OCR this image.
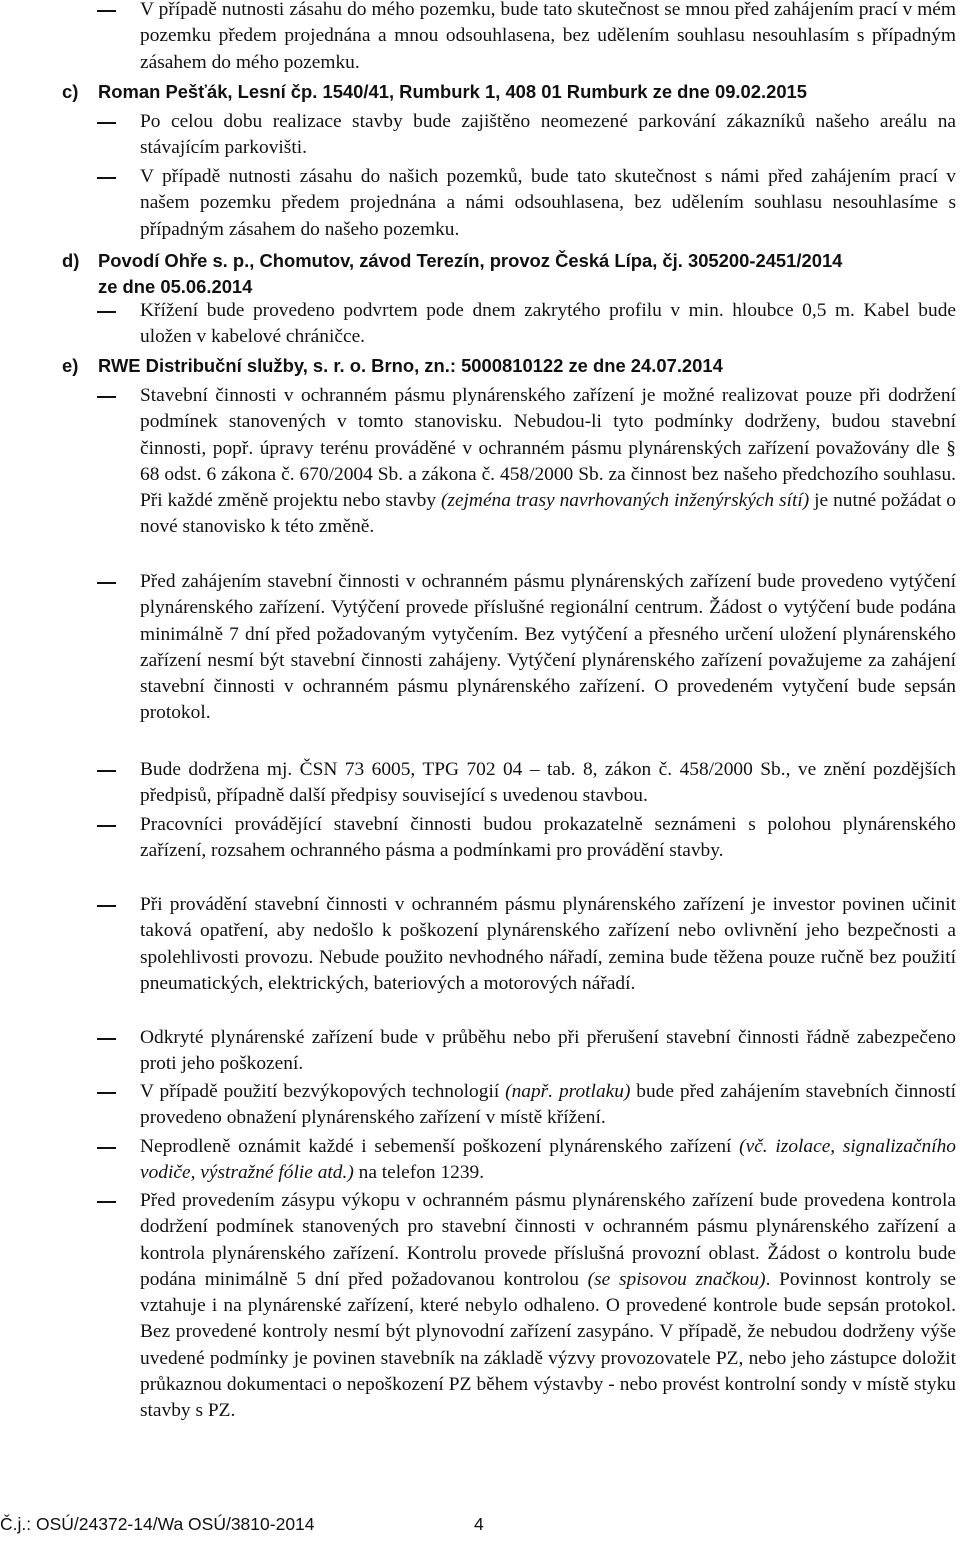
V případě nutnosti zásahu do mého pozemku, bude tato skutečnost se mnou před zahájením prací v mém pozemku předem projednána a mnou odsouhlasena, bez udělením souhlasu nesouhlasím s případným zásahem do mého pozemku.
c) Roman Pešťák, Lesní čp. 1540/41, Rumburk 1, 408 01 Rumburk ze dne 09.02.2015
Po celou dobu realizace stavby bude zajištěno neomezené parkování zákazníků našeho areálu na stávajícím parkovišti.
V případě nutnosti zásahu do našich pozemků, bude tato skutečnost s námi před zahájením prací v našem pozemku předem projednána a námi odsouhlasena, bez udělením souhlasu nesouhlasíme s případným zásahem do našeho pozemku.
d) Povodí Ohře s. p., Chomutov, závod Terezín, provoz Česká Lípa, čj. 305200-2451/2014
ze dne 05.06.2014
Křížení bude provedeno podvrtem pode dnem zakrytého profilu v min. hloubce 0,5 m. Kabel bude uložen v kabelové chráničce.
e) RWE Distribuční služby, s. r. o. Brno, zn.: 5000810122 ze dne 24.07.2014
Stavební činnosti v ochranném pásmu plynárenského zařízení je možné realizovat pouze při dodržení podmínek stanovených v tomto stanovisku. Nebudou-li tyto podmínky dodrženy, budou stavební činnosti, popř. úpravy terénu prováděné v ochranném pásmu plynárenských zařízení považovány dle § 68 odst. 6 zákona č. 670/2004 Sb. a zákona č. 458/2000 Sb. za činnost bez našeho předchozího souhlasu. Při každé změně projektu nebo stavby (zejména trasy navrhovaných inženýrských sítí) je nutné požádat o nové stanovisko k této změně.
Před zahájením stavební činnosti v ochranném pásmu plynárenských zařízení bude provedeno vytýčení plynárenského zařízení. Vytýčení provede příslušné regionální centrum. Žádost o vytýčení bude podána minimálně 7 dní před požadovaným vytyčením. Bez vytýčení a přesného určení uložení plynárenského zařízení nesmí být stavební činnosti zahájeny. Vytýčení plynárenského zařízení považujeme za zahájení stavební činnosti v ochranném pásmu plynárenského zařízení. O provedeném vytyčení bude sepsán protokol.
Bude dodržena mj. ČSN 73 6005, TPG 702 04 – tab. 8, zákon č. 458/2000 Sb., ve znění pozdějších předpisů, případně další předpisy související s uvedenou stavbou.
Pracovníci provádějící stavební činnosti budou prokazatelně seznámeni s polohou plynárenského zařízení, rozsahem ochranného pásma a podmínkami pro provádění stavby.
Při provádění stavební činnosti v ochranném pásmu plynárenského zařízení je investor povinen učinit taková opatření, aby nedošlo k poškození plynárenského zařízení nebo ovlivnění jeho bezpečnosti a spolehlivosti provozu. Nebude použito nevhodného nářadí, zemina bude těžena pouze ručně bez použití pneumatických, elektrických, bateriových a motorových nářadí.
Odkryté plynárenské zařízení bude v průběhu nebo při přerušení stavební činnosti řádně zabezpečeno proti jeho poškození.
V případě použití bezvýkopových technologií (např. protlaku) bude před zahájením stavebních činností provedeno obnažení plynárenského zařízení v místě křížení.
Neprodleně oznámit každé i sebemenší poškození plynárenského zařízení (vč. izolace, signalizačního vodiče, výstražné fólie atd.) na telefon 1239.
Před provedením zásypu výkopu v ochranném pásmu plynárenského zařízení bude provedena kontrola dodržení podmínek stanovených pro stavební činnosti v ochranném pásmu plynárenského zařízení a kontrola plynárenského zařízení. Kontrolu provede příslušná provozní oblast. Žádost o kontrolu bude podána minimálně 5 dní před požadovanou kontrolou (se spisovou značkou). Povinnost kontroly se vztahuje i na plynárenské zařízení, které nebylo odhaleno. O provedené kontrole bude sepsán protokol. Bez provedené kontroly nesmí být plynovodní zařízení zasypáno. V případě, že nebudou dodrženy výše uvedené podmínky je povinen stavebník na základě výzvy provozovatele PZ, nebo jeho zástupce doložit průkaznou dokumentaci o nepoškození PZ během výstavby - nebo provést kontrolní sondy v místě styku stavby s PZ.
Č.j.: OSÚ/24372-14/Wa OSÚ/3810-2014	4
